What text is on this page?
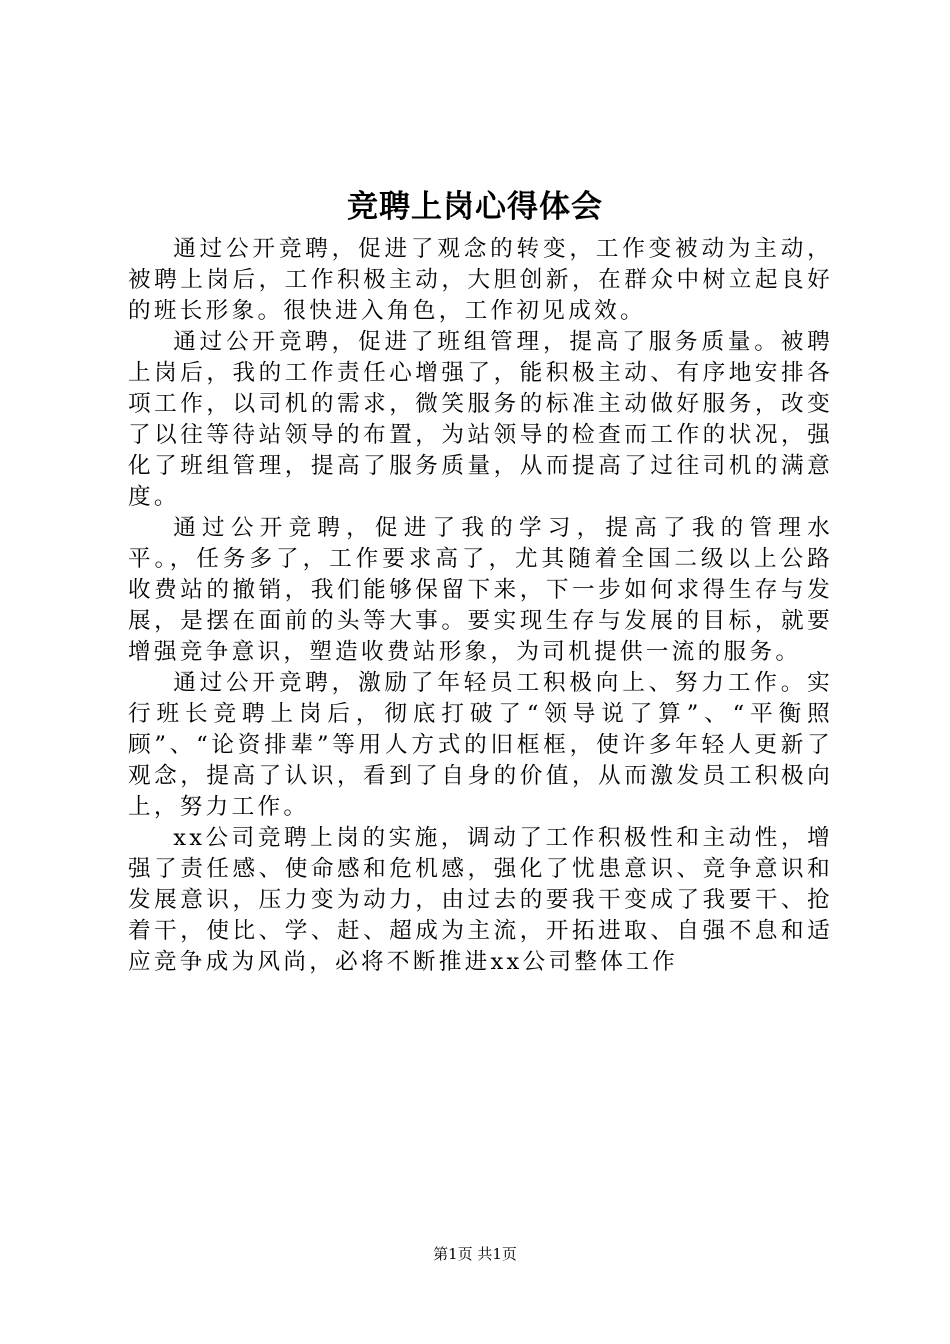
竞聘上岗心得体会

通过公开竞聘，促进了观念的转变，工作变被动为主动，被聘上岗后，工作积极主动，大胆创新，在群众中树立起良好的班长形象。很快进入角色，工作初见成效。

通过公开竞聘，促进了班组管理，提高了服务质量。被聘上岗后，我的工作责任心增强了，能积极主动、有序地安排各项工作，以司机的需求，微笑服务的标准主动做好服务，改变了以往等待站领导的布置，为站领导的检查而工作的状况，强化了班组管理，提高了服务质量，从而提高了过往司机的满意度。

通过公开竞聘，促进了我的学习，提高了我的管理水平。，任务多了，工作要求高了，尤其随着全国二级以上公路收费站的撤销，我们能够保留下来，下一步如何求得生存与发展，是摆在面前的头等大事。要实现生存与发展的目标，就要增强竞争意识，塑造收费站形象，为司机提供一流的服务。

通过公开竞聘，激励了年轻员工积极向上、努力工作。实行班长竞聘上岗后，彻底打破了“领导说了算”、“平衡照顾”、“论资排辈”等用人方式的旧框框，使许多年轻人更新了观念，提高了认识，看到了自身的价值，从而激发员工积极向上，努力工作。

xx公司竞聘上岗的实施，调动了工作积极性和主动性，增强了责任感、使命感和危机感，强化了忧患意识、竞争意识和发展意识，压力变为动力，由过去的要我干变成了我要干、抢着干，使比、学、赶、超成为主流，开拓进取、自强不息和适应竞争成为风尚，必将不断推进xx公司整体工作

第1页 共1页
